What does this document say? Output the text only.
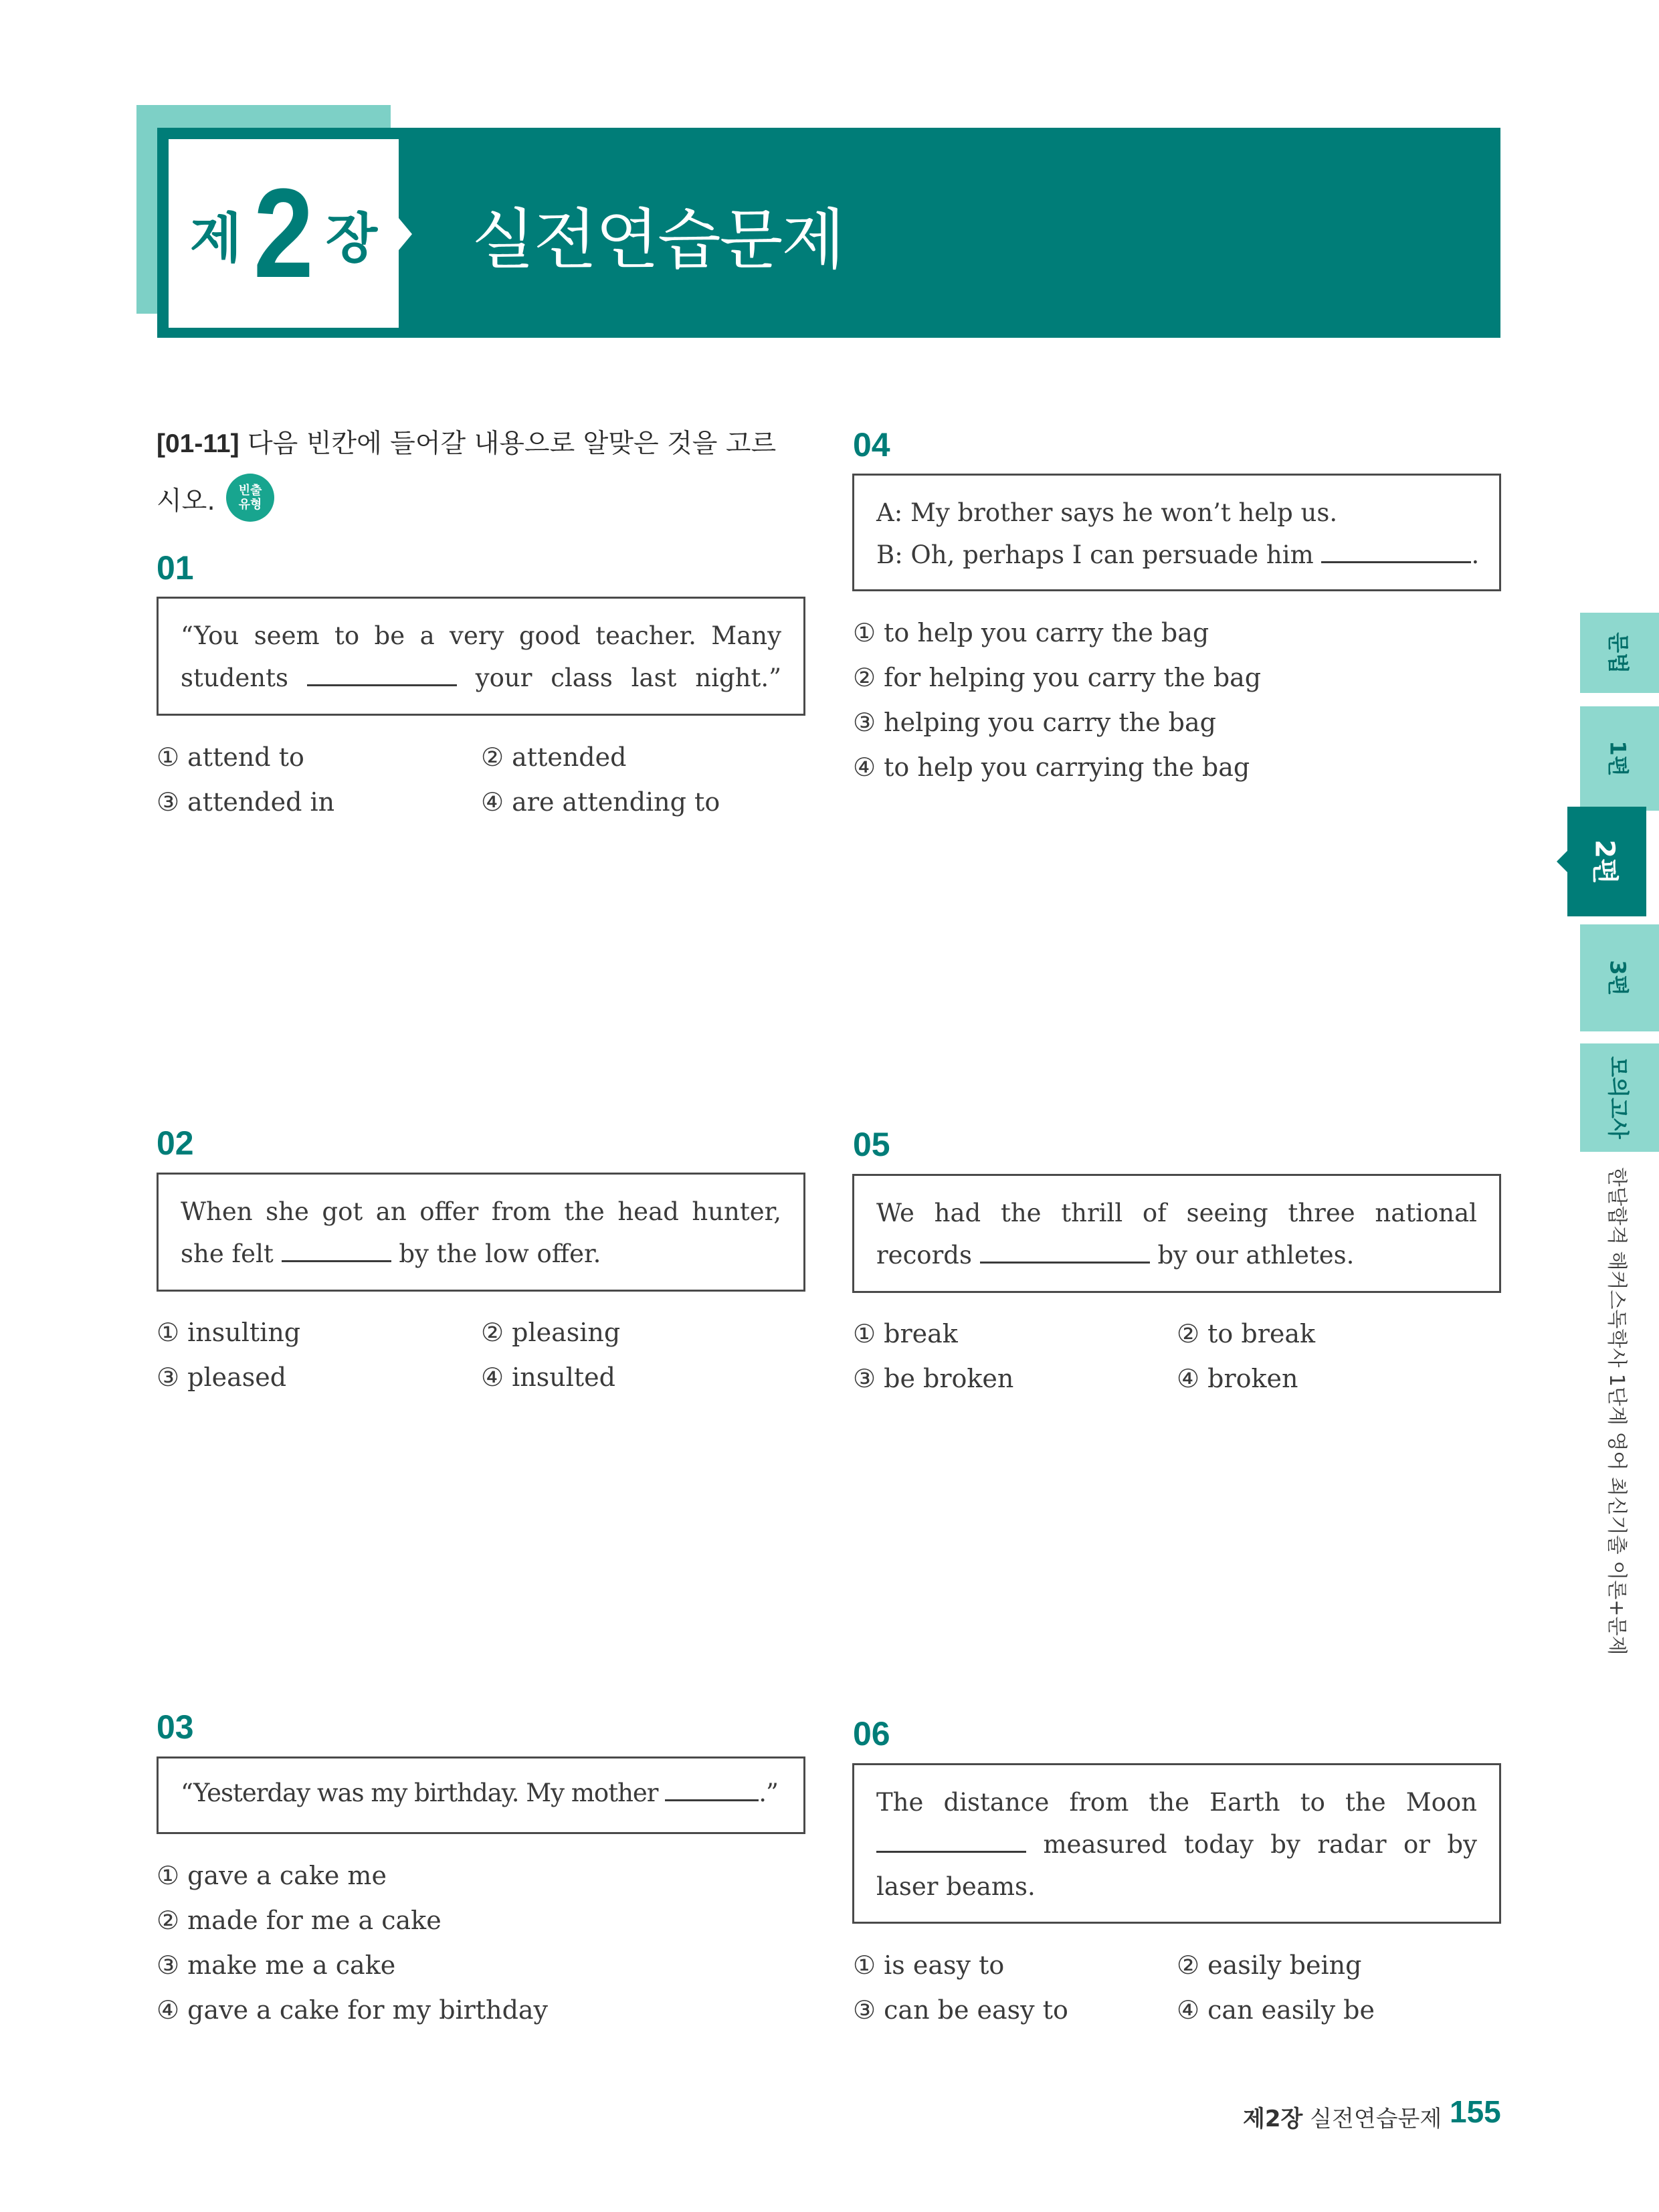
제 2 장 실전연습문제
[01-11] 다음 빈칸에 들어갈 내용으로 알맞은 것을 고르
시오. 빈출
유형
01
“You seem to be a very good teacher. Many
students	your class last night.”
① attend to	② attended
③ attended in	④ are attending to
02
When she got an offer from the head hunter,
she felt	by the low offer.
① insulting	② pleasing
③ pleased	④ insulted
03
“Yesterday was my birthday. My mother	.”
① gave a cake me
② made for me a cake
③ make me a cake
④ gave a cake for my birthday
04
A: My brother says he won’t help us.
B: Oh, perhaps I can persuade him	.
① to help you carry the bag
② for helping you carry the bag
③ helping you carry the bag
④ to help you carrying the bag
05
We had the thrill of seeing three national
records	by our athletes.
① break	② to break
③ be broken	④ broken
06
The distance from the Earth to the Moon
measured today by radar or by
laser beams.
① is easy to	② easily being
③ can be easy to	④ can easily be
문법
1편
2편
3편
모의고사
한달합격 해커스독학사 1단계 영어 최신기출 이론+문제
제2장 실전연습문제 155
